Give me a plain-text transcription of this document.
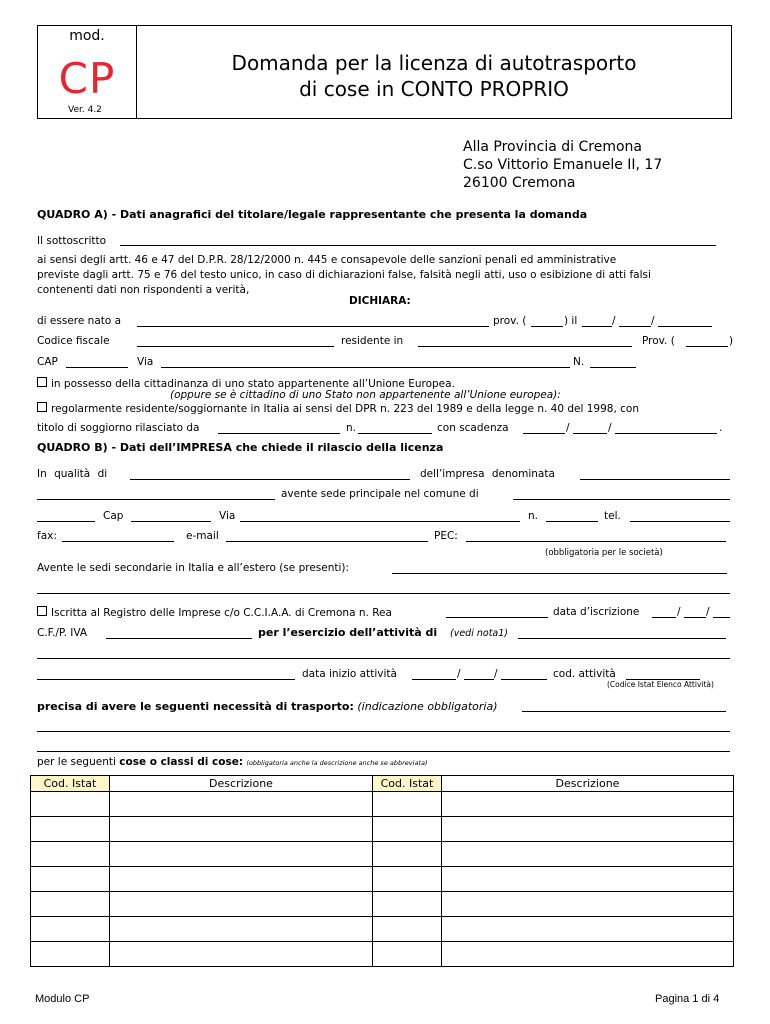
mod.
CP
Ver. 4.2
Domanda per la licenza di autotrasporto
di cose in CONTO PROPRIO
Alla Provincia di Cremona
C.so Vittorio Emanuele II, 17
26100 Cremona
QUADRO A) - Dati anagrafici del titolare/legale rappresentante che presenta la domanda
Il sottoscritto
ai sensi degli artt. 46 e 47 del D.P.R. 28/12/2000 n. 445 e consapevole delle sanzioni penali ed amministrative
previste dagli artt. 75 e 76 del testo unico, in caso di dichiarazioni false, falsità negli atti, uso o esibizione di atti falsi
contenenti dati non rispondenti a verità,
DICHIARA:
di essere nato a	prov. (	) il	/	/
Codice fiscale	residente in	Prov. (	)
CAP	Via	N.
in possesso della cittadinanza di uno stato appartenente all’Unione Europea.
(oppure se è cittadino di uno Stato non appartenente all’Unione europea):
regolarmente residente/soggiornante in Italia ai sensi del DPR n. 223 del 1989 e della legge n. 40 del 1998, con
titolo di soggiorno rilasciato da	n.	con scadenza	/	/	.
QUADRO B) - Dati dell’IMPRESA che chiede il rilascio della licenza
In qualità di	dell’impresa denominata
avente sede principale nel comune di
Cap	Via	n.	tel.
fax:	e-mail	PEC:
(obbligatoria per le società)
Avente le sedi secondarie in Italia e all’estero (se presenti):
Iscritta al Registro delle Imprese c/o C.C.I.A.A. di Cremona n. Rea	data d’iscrizione	/ /
C.F./P. IVA	per l’esercizio dell’attività di (vedi nota1)
data inizio attività	/	/	cod. attività
(Codice Istat Elenco Attività)
precisa di avere le seguenti necessità di trasporto: (indicazione obbligatoria)
per le seguenti cose o classi di cose: (obbligatoria anche la descrizione anche se abbreviata)
Cod. Istat	Descrizione	Cod. Istat	Descrizione
Modulo CP	Pagina 1 di 4
